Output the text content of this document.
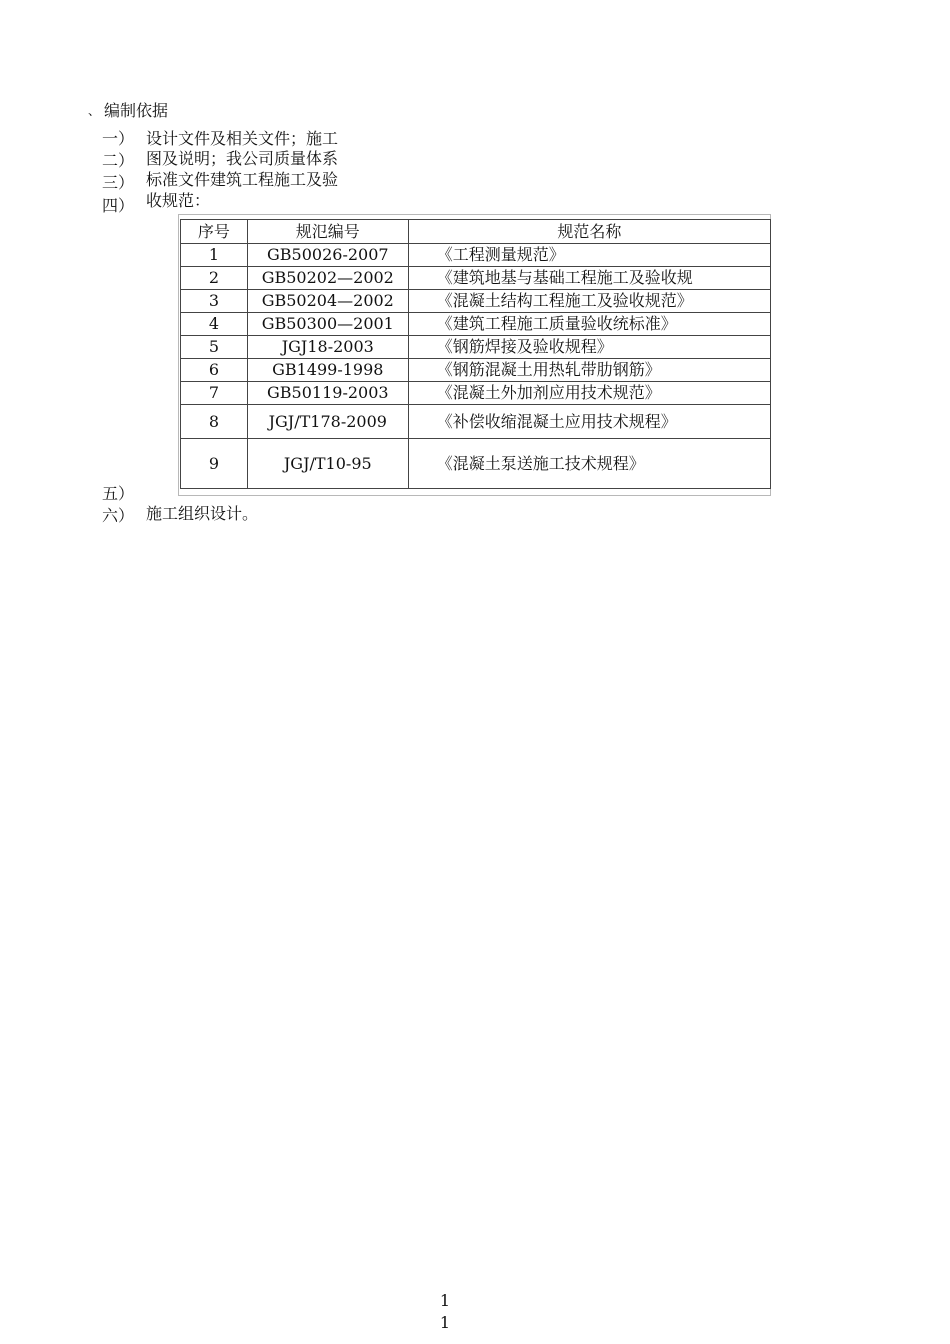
、 编制依据
一） 设计文件及相关文件；施工
二） 图及说明；我公司质量体系
三） 标准文件建筑工程施工及验
四） 收规范：
序号	规氾编号	规范名称
1	GB50026-2007	《工程测量规范》
2	GB50202—2002	《建筑地基与基础工程施工及验收规
3	GB50204—2002	《混凝土结构工程施工及验收规范》
4	GB50300—2001	《建筑工程施工质量验收统标准》
5	JGJ18-2003	《钢筋焊接及验收规程》
6	GB1499-1998	《钢筋混凝土用热轧带肋钢筋》
7	GB50119-2003	《混凝土外加剂应用技术规范》
8	JGJ/T178-2009	《补偿收缩混凝土应用技术规程》
9	JGJ/T10-95	《混凝土泵送施工技术规程》
五）
六） 施工组织设计。
1
1
